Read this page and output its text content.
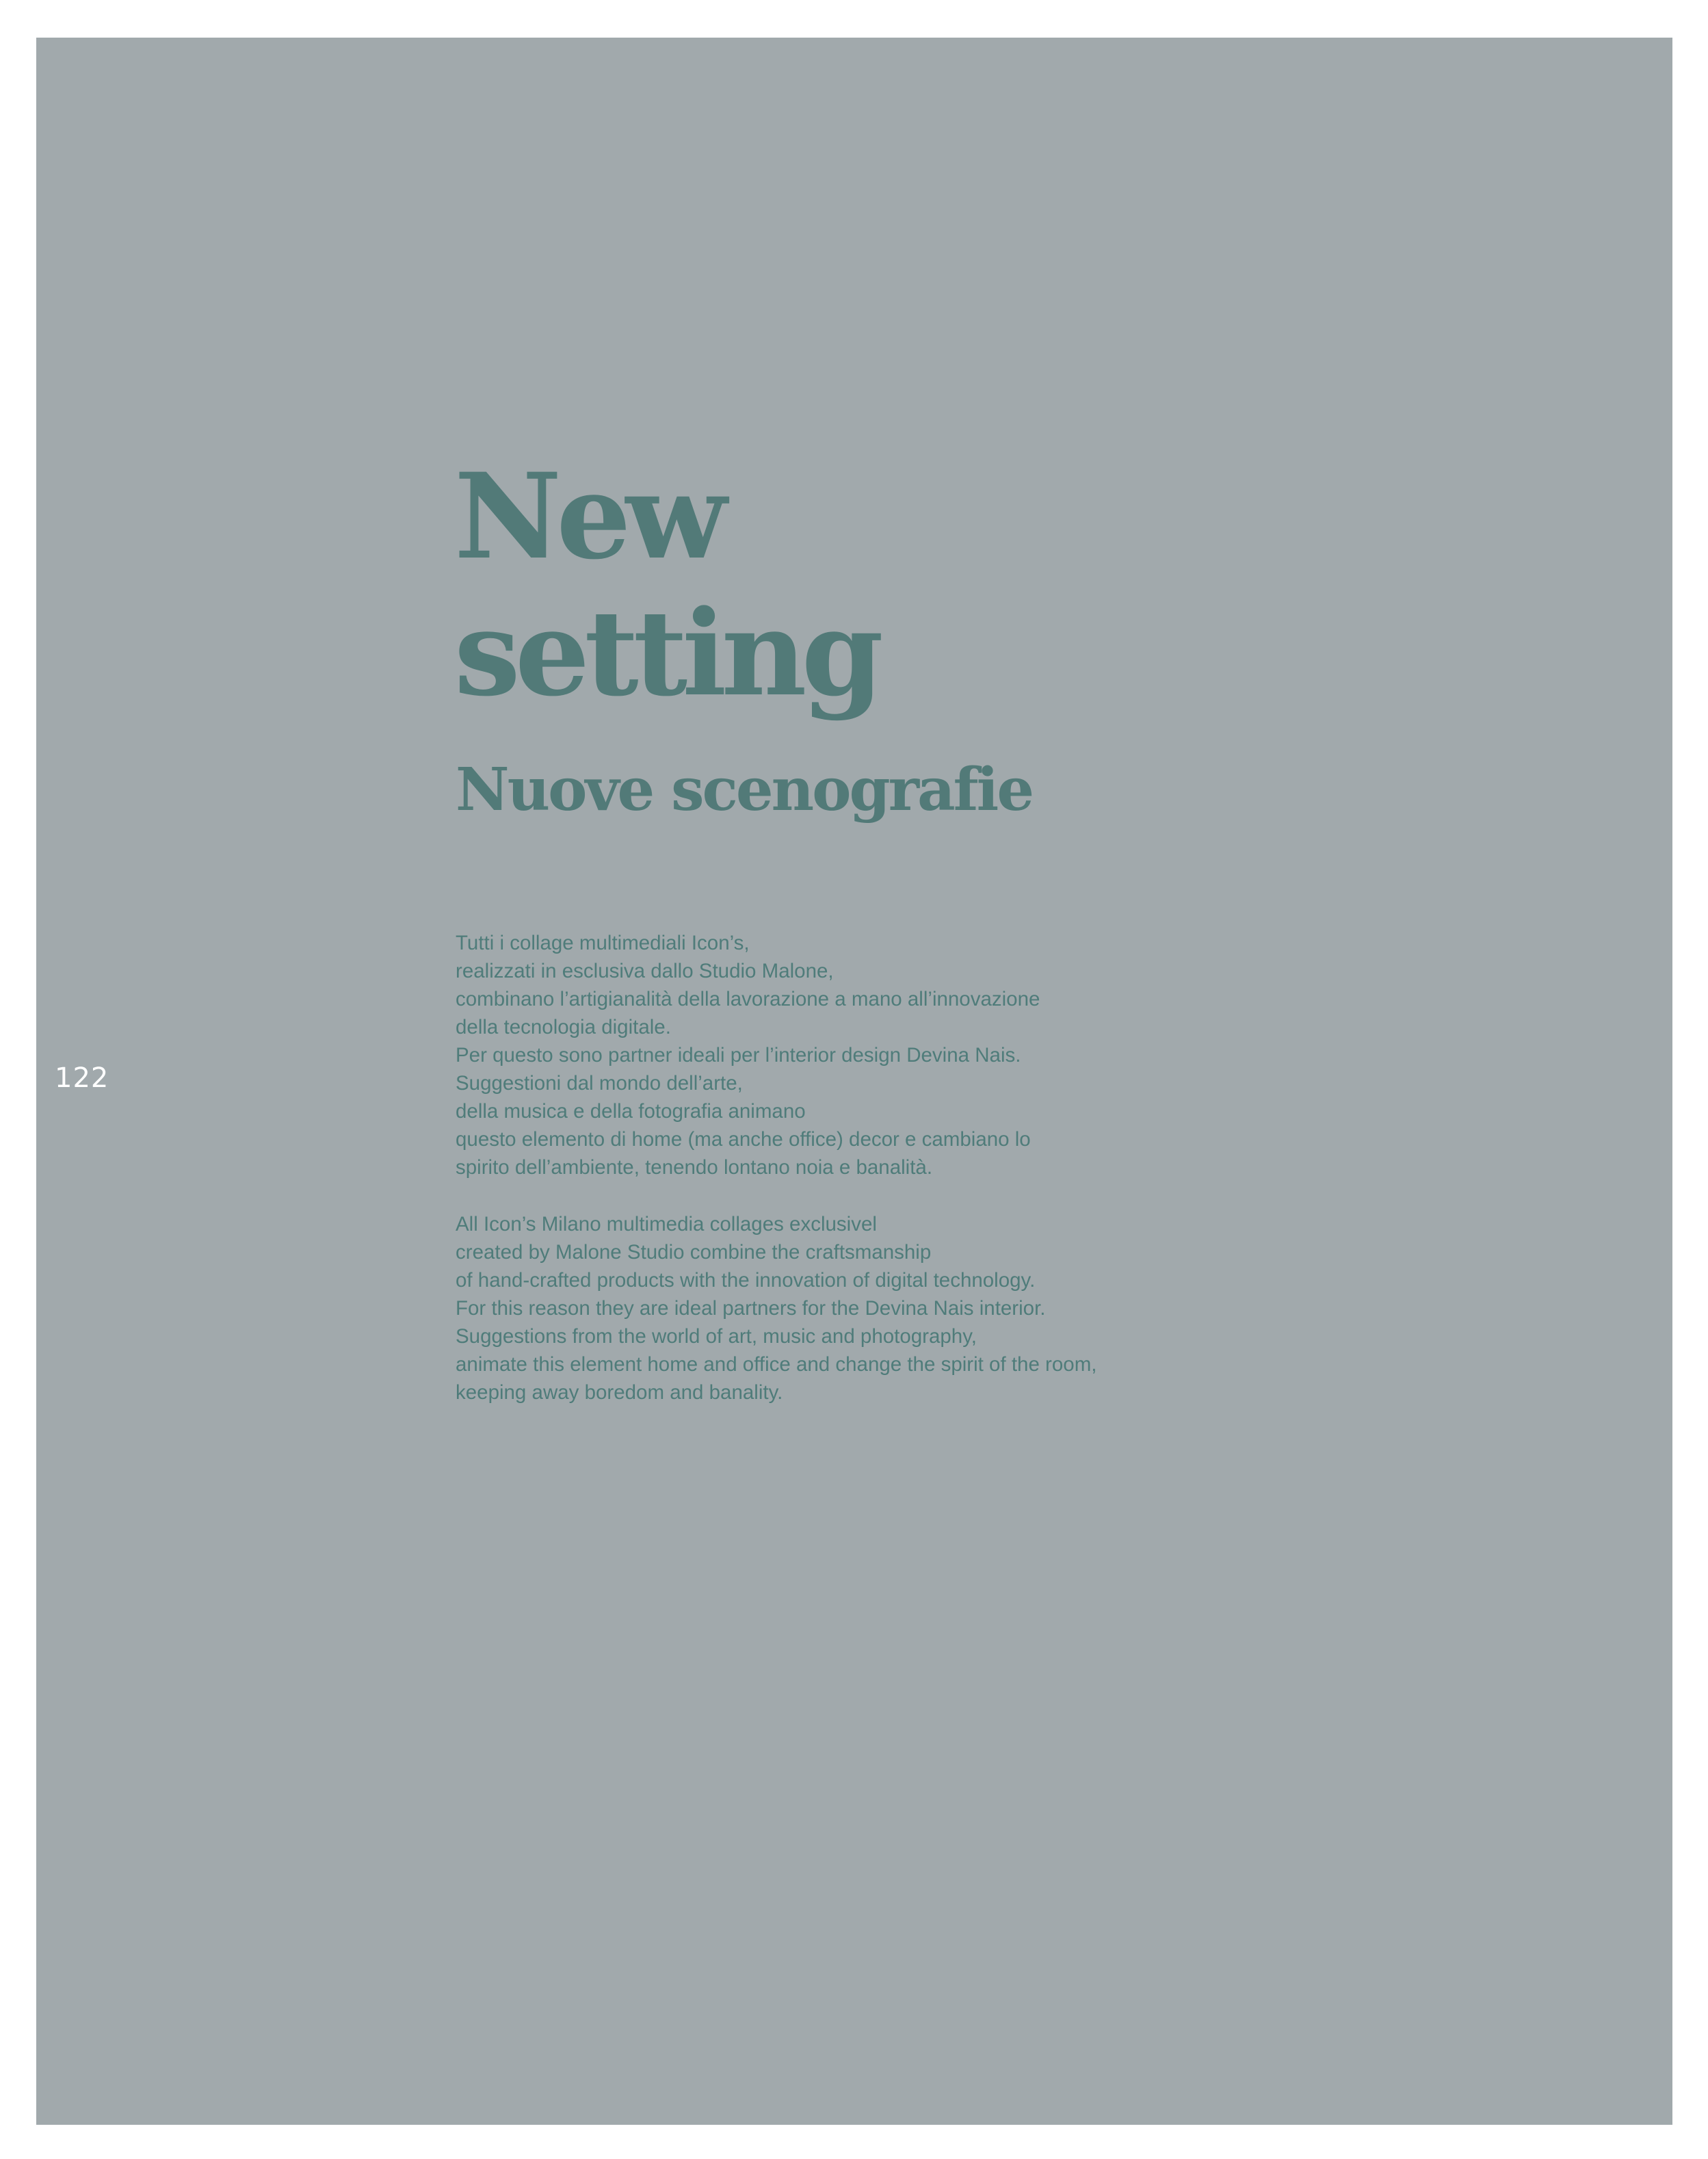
122
New
setting
Nuove scenografie
Tutti i collage multimediali Icon’s,
realizzati in esclusiva dallo Studio Malone,
combinano l’artigianalità della lavorazione a mano all’innovazione
della tecnologia digitale.
Per questo sono partner ideali per l’interior design Devina Nais.
Suggestioni dal mondo dell’arte,
della musica e della fotografia animano
questo elemento di home (ma anche office) decor e cambiano lo
spirito dell’ambiente, tenendo lontano noia e banalità.
All Icon’s Milano multimedia collages exclusivel
created by Malone Studio combine the craftsmanship
of hand-crafted products with the innovation of digital technology.
For this reason they are ideal partners for the Devina Nais interior.
Suggestions from the world of art, music and photography,
animate this element home and office and change the spirit of the room,
keeping away boredom and banality.
